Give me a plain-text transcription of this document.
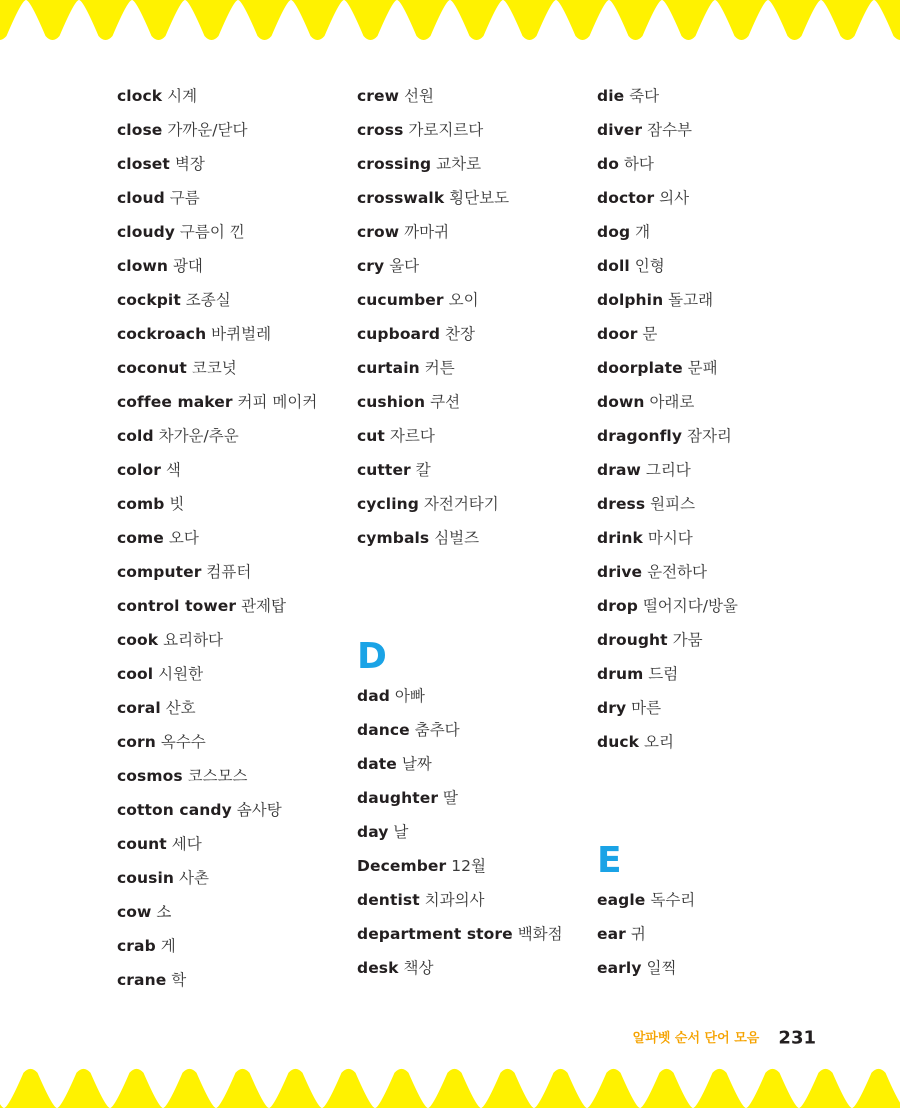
clock 시계
close 가까운/닫다
closet 벽장
cloud 구름
cloudy 구름이 낀
clown 광대
cockpit 조종실
cockroach 바퀴벌레
coconut 코코넛
coffee maker 커피 메이커
cold 차가운/추운
color 색
comb 빗
come 오다
computer 컴퓨터
control tower 관제탑
cook 요리하다
cool 시원한
coral 산호
corn 옥수수
cosmos 코스모스
cotton candy 솜사탕
count 세다
cousin 사촌
cow 소
crab 게
crane 학
crew 선원
cross 가로지르다
crossing 교차로
crosswalk 횡단보도
crow 까마귀
cry 울다
cucumber 오이
cupboard 찬장
curtain 커튼
cushion 쿠션
cut 자르다
cutter 칼
cycling 자전거타기
cymbals 심벌즈
D
dad 아빠
dance 춤추다
date 날짜
daughter 딸
day 날
December 12월
dentist 치과의사
department store 백화점
desk 책상
die 죽다
diver 잠수부
do 하다
doctor 의사
dog 개
doll 인형
dolphin 돌고래
door 문
doorplate 문패
down 아래로
dragonfly 잠자리
draw 그리다
dress 원피스
drink 마시다
drive 운전하다
drop 떨어지다/방울
drought 가뭄
drum 드럼
dry 마른
duck 오리
E
eagle 독수리
ear 귀
early 일찍
알파벳 순서 단어 모음 231
